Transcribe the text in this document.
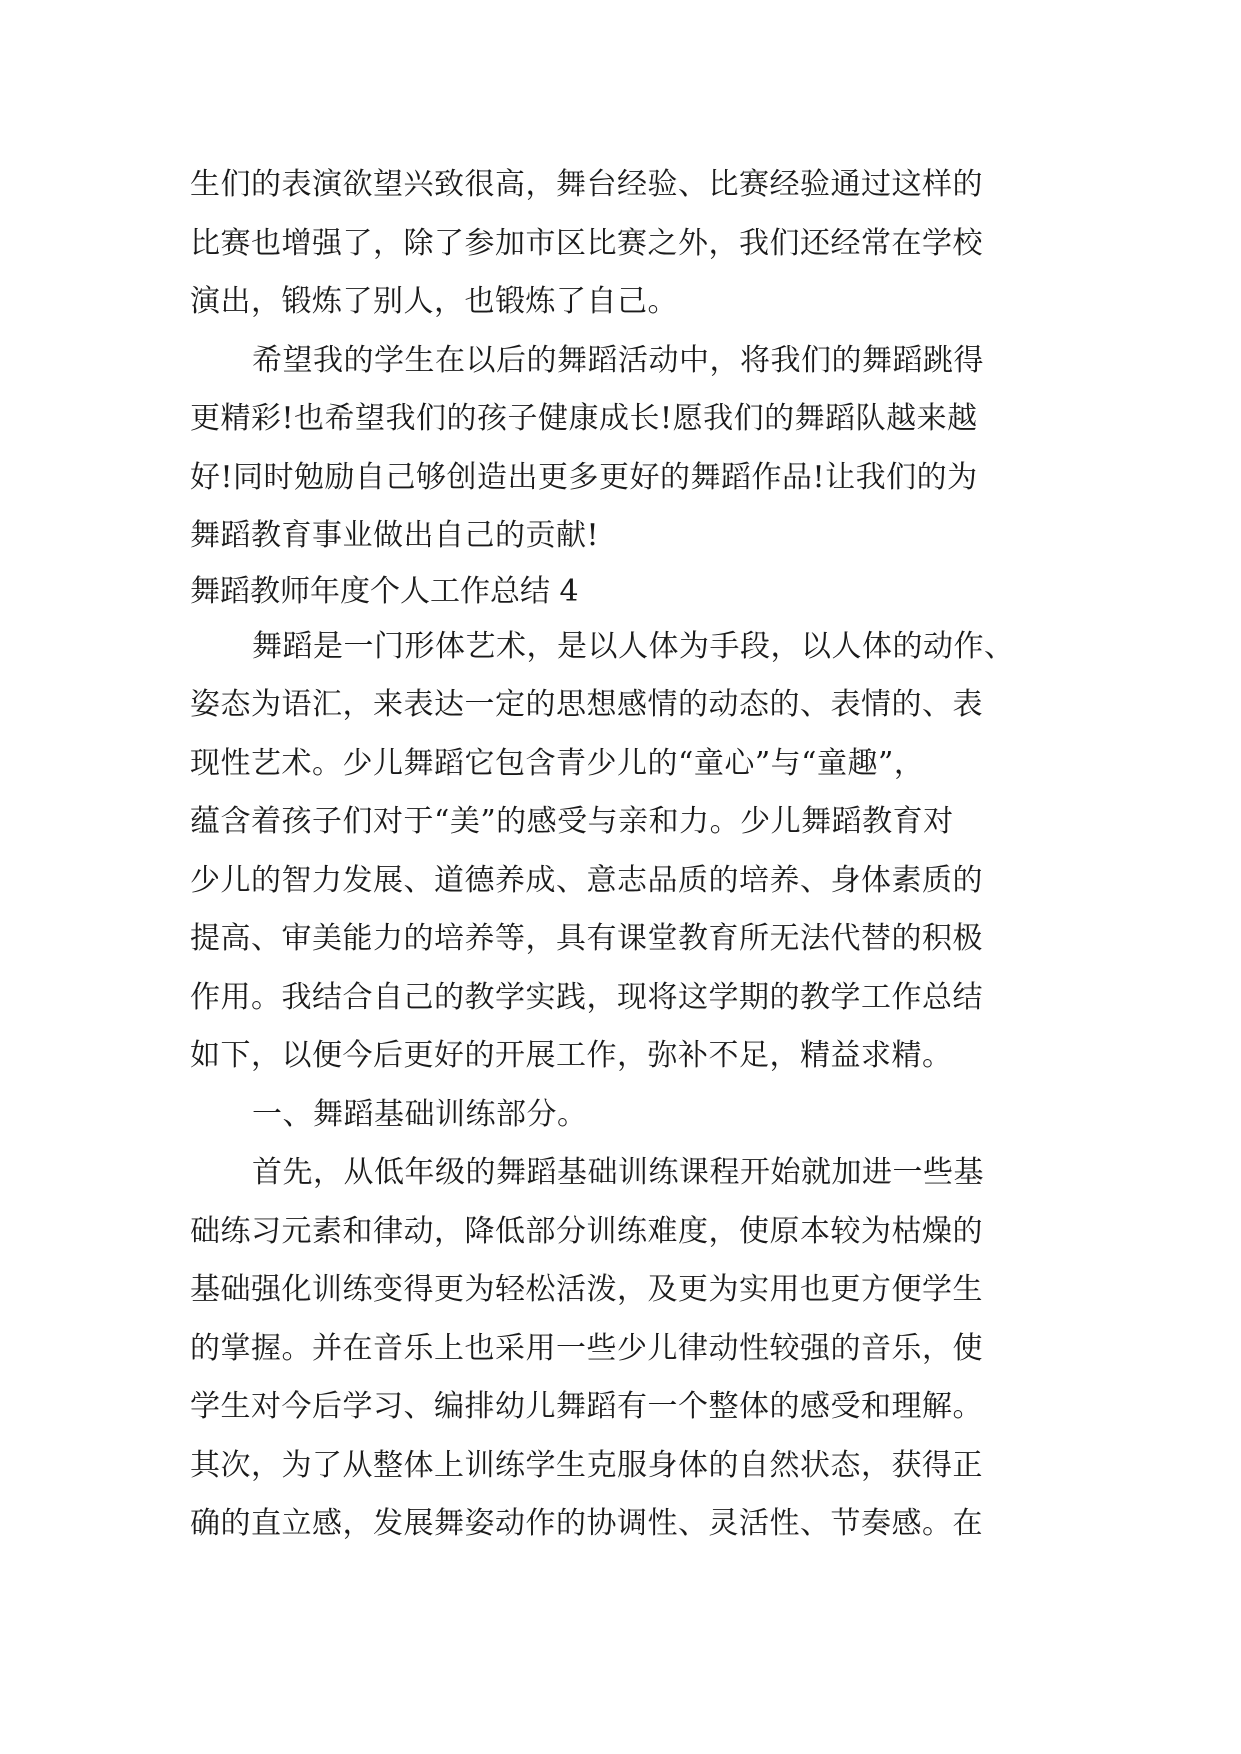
生们的表演欲望兴致很高，舞台经验、比赛经验通过这样的
比赛也增强了，除了参加市区比赛之外，我们还经常在学校
演出，锻炼了别人，也锻炼了自己。
希望我的学生在以后的舞蹈活动中，将我们的舞蹈跳得
更精彩!也希望我们的孩子健康成长!愿我们的舞蹈队越来越
好!同时勉励自己够创造出更多更好的舞蹈作品!让我们的为
舞蹈教育事业做出自己的贡献!
舞蹈教师年度个人工作总结 4
舞蹈是一门形体艺术，是以人体为手段，以人体的动作、
姿态为语汇，来表达一定的思想感情的动态的、表情的、表
现性艺术。少儿舞蹈它包含青少儿的“童心”与“童趣”，
蕴含着孩子们对于“美”的感受与亲和力。少儿舞蹈教育对
少儿的智力发展、道德养成、意志品质的培养、身体素质的
提高、审美能力的培养等，具有课堂教育所无法代替的积极
作用。我结合自己的教学实践，现将这学期的教学工作总结
如下，以便今后更好的开展工作，弥补不足，精益求精。
一、舞蹈基础训练部分。
首先，从低年级的舞蹈基础训练课程开始就加进一些基
础练习元素和律动，降低部分训练难度，使原本较为枯燥的
基础强化训练变得更为轻松活泼，及更为实用也更方便学生
的掌握。并在音乐上也采用一些少儿律动性较强的音乐，使
学生对今后学习、编排幼儿舞蹈有一个整体的感受和理解。
其次，为了从整体上训练学生克服身体的自然状态，获得正
确的直立感，发展舞姿动作的协调性、灵活性、节奏感。在
